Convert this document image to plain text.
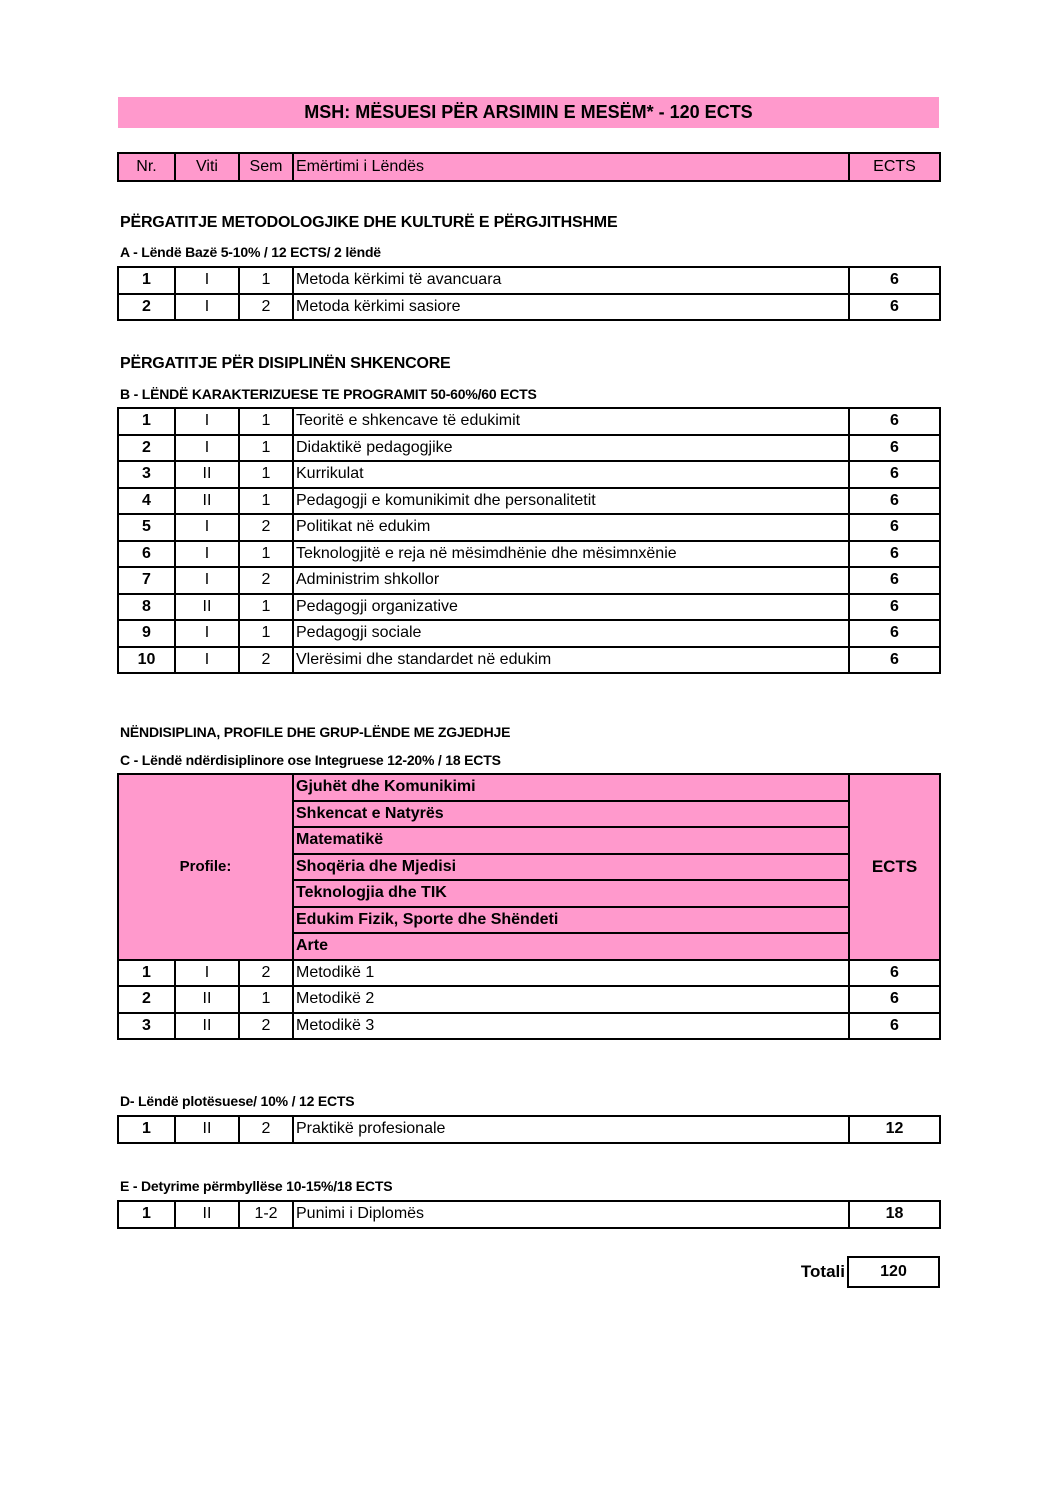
MSH: MËSUESI PËR ARSIMIN E MESËM* - 120 ECTS
Nr.	Viti	Sem	Emërtimi i Lëndës	ECTS
PËRGATITJE METODOLOGJIKE DHE KULTURË E PËRGJITHSHME
A - Lëndë Bazë 5-10% / 12 ECTS/ 2 lëndë
1	I	1	Metoda kërkimi të avancuara	6
2	I	2	Metoda kërkimi sasiore	6
PËRGATITJE PËR DISIPLINËN SHKENCORE
B - LËNDË KARAKTERIZUESE TE PROGRAMIT 50-60%/60 ECTS
1	I	1	Teoritë e shkencave të edukimit	6
2	I	1	Didaktikë pedagogjike	6
3	II	1	Kurrikulat	6
4	II	1	Pedagogji e komunikimit dhe personalitetit	6
5	I	2	Politikat në edukim	6
6	I	1	Teknologjitë e reja në mësimdhënie dhe mësimnxënie	6
7	I	2	Administrim shkollor	6
8	II	1	Pedagogji organizative	6
9	I	1	Pedagogji sociale	6
10	I	2	Vlerësimi dhe standardet në edukim	6
NËNDISIPLINA, PROFILE DHE GRUP-LËNDE ME ZGJEDHJE
C - Lëndë ndërdisiplinore ose Integruese 12-20% / 18 ECTS
Profile:			Gjuhët dhe Komunikimi	ECTS
			Shkencat e Natyrës	
			Matematikë	
			Shoqëria dhe Mjedisi	
			Teknologjia dhe TIK	
			Edukim Fizik, Sporte dhe Shëndeti	
			Arte	
1	I	2	Metodikë 1	6
2	II	1	Metodikë 2	6
3	II	2	Metodikë 3	6
D- Lëndë plotësuese/ 10% / 12 ECTS
1	II	2	Praktikë profesionale	12
E - Detyrime përmbyllëse 10-15%/18 ECTS
1	II	1-2	Punimi i Diplomës	18
Totali	120
